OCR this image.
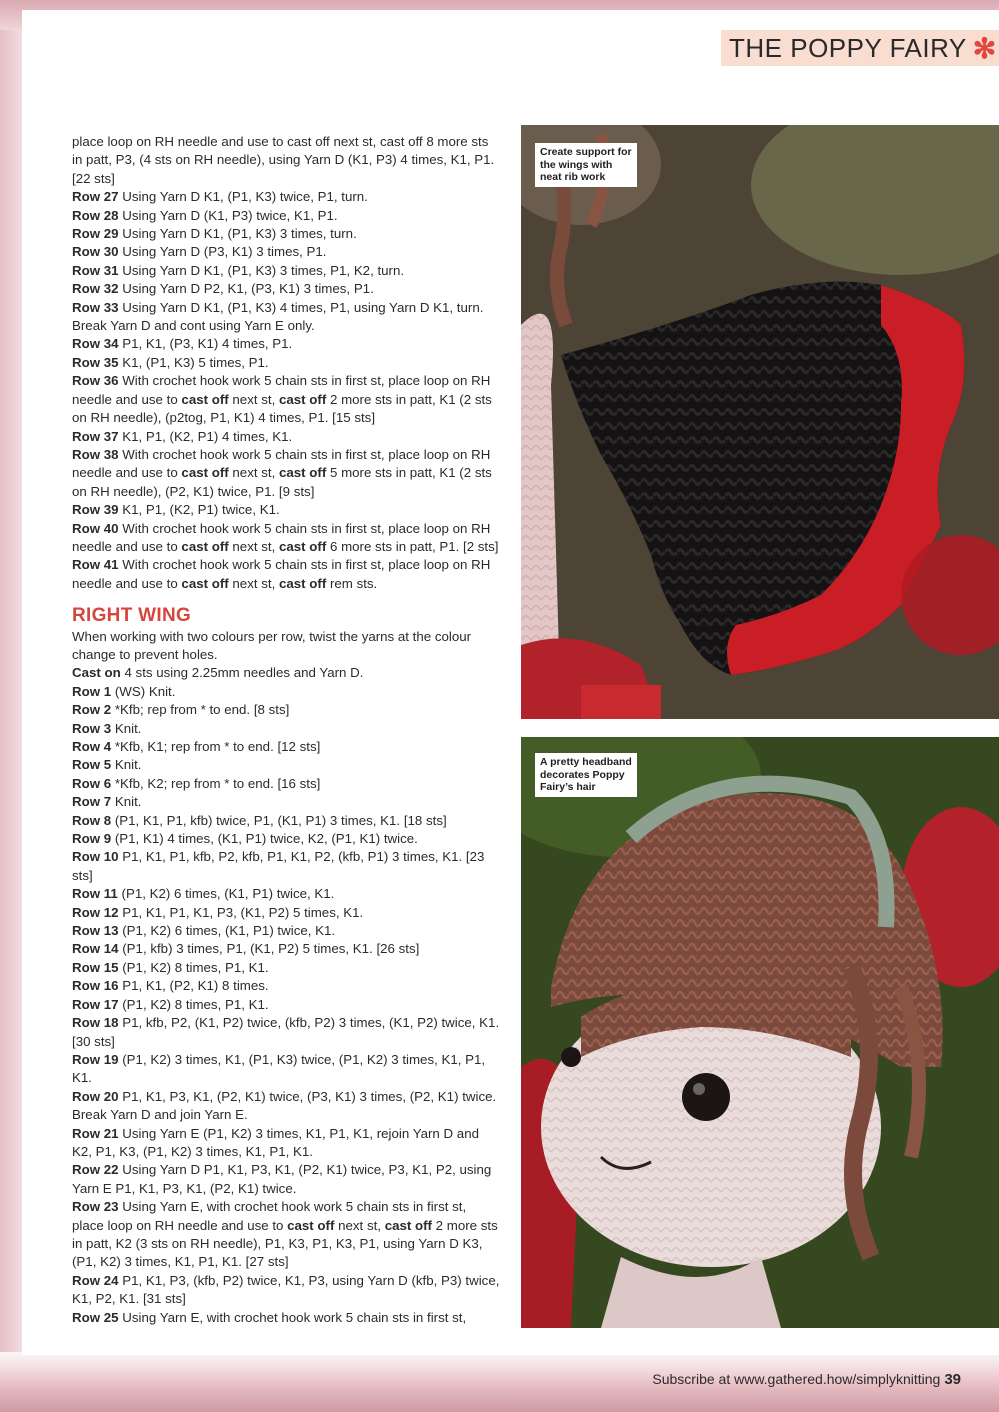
THE POPPY FAIRY ✻

place loop on RH needle and use to cast off next st, cast off 8 more sts in patt, P3, (4 sts on RH needle), using Yarn D (K1, P3) 4 times, K1, P1. [22 sts]

Row 27 Using Yarn D K1, (P1, K3) twice, P1, turn.

Row 28 Using Yarn D (K1, P3) twice, K1, P1.

Row 29 Using Yarn D K1, (P1, K3) 3 times, turn.

Row 30 Using Yarn D (P3, K1) 3 times, P1.

Row 31 Using Yarn D K1, (P1, K3) 3 times, P1, K2, turn.

Row 32 Using Yarn D P2, K1, (P3, K1) 3 times, P1.

Row 33 Using Yarn D K1, (P1, K3) 4 times, P1, using Yarn D K1, turn.

Break Yarn D and cont using Yarn E only.

Row 34 P1, K1, (P3, K1) 4 times, P1.

Row 35 K1, (P1, K3) 5 times, P1.

Row 36 With crochet hook work 5 chain sts in first st, place loop on RH needle and use to cast off next st, cast off 2 more sts in patt, K1 (2 sts on RH needle), (p2tog, P1, K1) 4 times, P1. [15 sts]

Row 37 K1, P1, (K2, P1) 4 times, K1.

Row 38 With crochet hook work 5 chain sts in first st, place loop on RH needle and use to cast off next st, cast off 5 more sts in patt, K1 (2 sts on RH needle), (P2, K1) twice, P1. [9 sts]

Row 39 K1, P1, (K2, P1) twice, K1.

Row 40 With crochet hook work 5 chain sts in first st, place loop on RH needle and use to cast off next st, cast off 6 more sts in patt, P1. [2 sts]

Row 41 With crochet hook work 5 chain sts in first st, place loop on RH needle and use to cast off next st, cast off rem sts.

RIGHT WING

When working with two colours per row, twist the yarns at the colour change to prevent holes.

Cast on 4 sts using 2.25mm needles and Yarn D.

Row 1 (WS) Knit.

Row 2 *Kfb; rep from * to end. [8 sts]

Row 3 Knit.

Row 4 *Kfb, K1; rep from * to end. [12 sts]

Row 5 Knit.

Row 6 *Kfb, K2; rep from * to end. [16 sts]

Row 7 Knit.

Row 8 (P1, K1, P1, kfb) twice, P1, (K1, P1) 3 times, K1. [18 sts]

Row 9 (P1, K1) 4 times, (K1, P1) twice, K2, (P1, K1) twice.

Row 10 P1, K1, P1, kfb, P2, kfb, P1, K1, P2, (kfb, P1) 3 times, K1. [23 sts]

Row 11 (P1, K2) 6 times, (K1, P1) twice, K1.

Row 12 P1, K1, P1, K1, P3, (K1, P2) 5 times, K1.

Row 13 (P1, K2) 6 times, (K1, P1) twice, K1.

Row 14 (P1, kfb) 3 times, P1, (K1, P2) 5 times, K1. [26 sts]

Row 15 (P1, K2) 8 times, P1, K1.

Row 16 P1, K1, (P2, K1) 8 times.

Row 17 (P1, K2) 8 times, P1, K1.

Row 18 P1, kfb, P2, (K1, P2) twice, (kfb, P2) 3 times, (K1, P2) twice, K1. [30 sts]

Row 19 (P1, K2) 3 times, K1, (P1, K3) twice, (P1, K2) 3 times, K1, P1, K1.

Row 20 P1, K1, P3, K1, (P2, K1) twice, (P3, K1) 3 times, (P2, K1) twice.

Break Yarn D and join Yarn E.

Row 21 Using Yarn E (P1, K2) 3 times, K1, P1, K1, rejoin Yarn D and K2, P1, K3, (P1, K2) 3 times, K1, P1, K1.

Row 22 Using Yarn D P1, K1, P3, K1, (P2, K1) twice, P3, K1, P2, using Yarn E P1, K1, P3, K1, (P2, K1) twice.

Row 23 Using Yarn E, with crochet hook work 5 chain sts in first st, place loop on RH needle and use to cast off next st, cast off 2 more sts in patt, K2 (3 sts on RH needle), P1, K3, P1, K3, P1, using Yarn D K3, (P1, K2) 3 times, K1, P1, K1. [27 sts]

Row 24 P1, K1, P3, (kfb, P2) twice, K1, P3, using Yarn D (kfb, P3) twice, K1, P2, K1. [31 sts]

Row 25 Using Yarn E, with crochet hook work 5 chain sts in first st,

Create support for
the wings with
neat rib work
A pretty headband
decorates Poppy
Fairy’s hair
Subscribe at www.gathered.how/simplyknitting 39
